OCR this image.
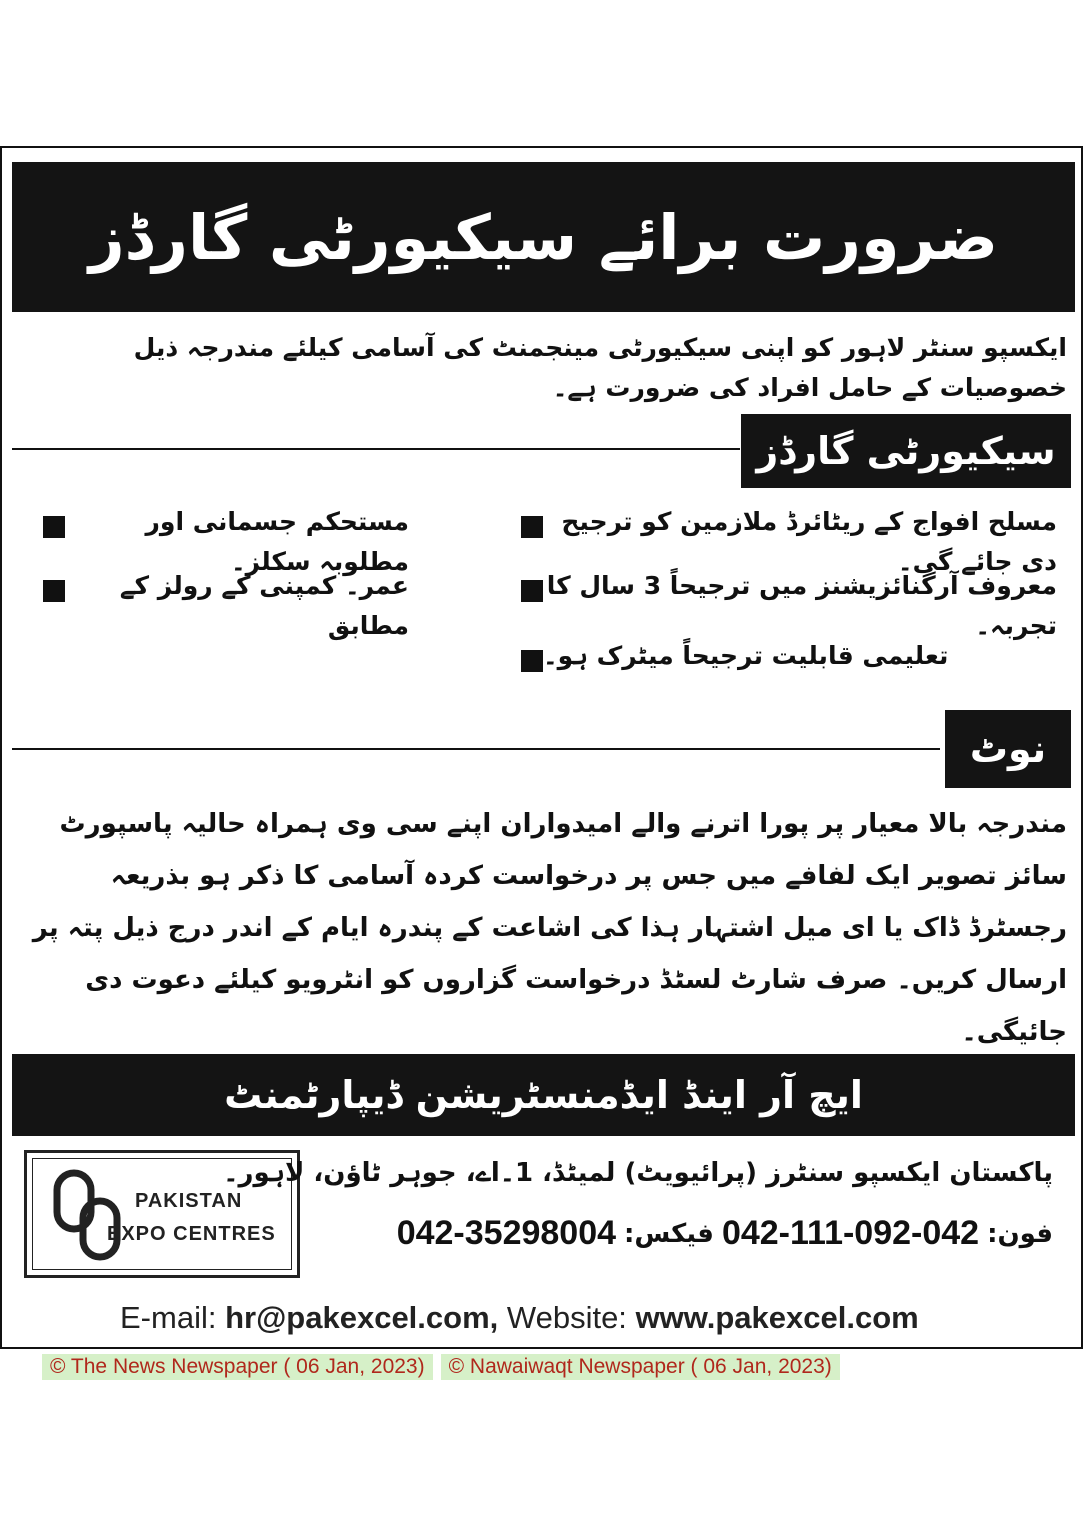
ضرورت برائے سیکیورٹی گارڈز
ایکسپو سنٹر لاہور کو اپنی سیکیورٹی مینجمنٹ کی آسامی کیلئے مندرجہ ذیل خصوصیات کے حامل افراد کی ضرورت ہے۔
سیکیورٹی گارڈز
مسلح افواج کے ریٹائرڈ ملازمین کو ترجیح دی جائے گی۔
معروف آرگنائزیشنز میں ترجیحاً 3 سال کا تجربہ۔
تعلیمی قابلیت ترجیحاً میٹرک ہو۔
مستحکم جسمانی اور مطلوبہ سکلز۔
عمر۔ کمپنی کے رولز کے مطابق
نوٹ
مندرجہ بالا معیار پر پورا اترنے والے امیدواران اپنے سی وی ہمراہ حالیہ پاسپورٹ سائز تصویر ایک لفافے میں جس پر درخواست کردہ آسامی کا ذکر ہو بذریعہ رجسٹرڈ ڈاک یا ای میل اشتہار ہذا کی اشاعت کے پندرہ ایام کے اندر درج ذیل پتہ پر ارسال کریں۔ صرف شارٹ لسٹڈ درخواست گزاروں کو انٹرویو کیلئے دعوت دی جائیگی۔
ایچ آر اینڈ ایڈمنسٹریشن ڈیپارٹمنٹ
PAKISTAN
EXPO CENTRES
پاکستان ایکسپو سنٹرز (پرائیویٹ) لمیٹڈ، 1۔اے، جوہر ٹاؤن، لاہور۔
فون:
042-111-092-042
فیکس:
042-35298004
E-mail: hr@pakexcel.com, Website: www.pakexcel.com
© The News Newspaper ( 06 Jan, 2023)	© Nawaiwaqt Newspaper ( 06 Jan, 2023)
